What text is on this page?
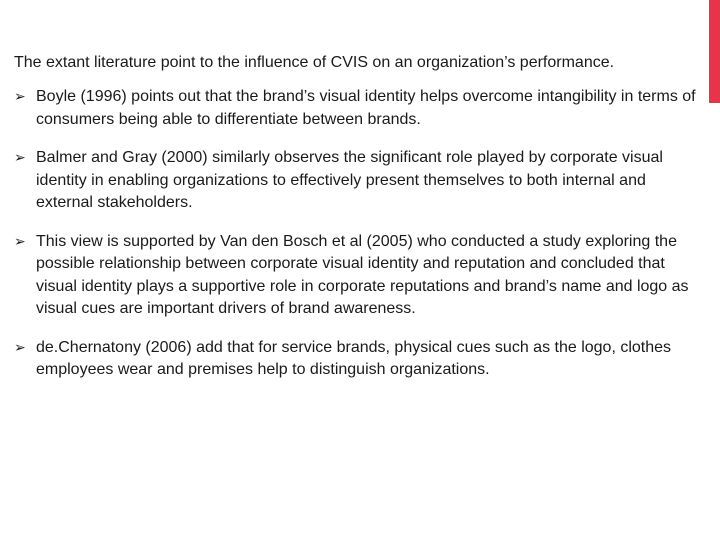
The extant literature point to the influence of CVIS on an organization’s performance.

➢ Boyle (1996) points out that the brand’s visual identity helps overcome intangibility in terms of consumers being able to differentiate between brands.
➢ Balmer and Gray (2000) similarly observes the significant role played by corporate visual identity in enabling organizations to effectively present themselves to both internal and external stakeholders.
➢ This view is supported by Van den Bosch et al (2005) who conducted a study exploring the possible relationship between corporate visual identity and reputation and concluded that visual identity plays a supportive role in corporate reputations and brand’s name and logo as visual cues are important drivers of brand awareness.
➢ de.Chernatony (2006) add that for service brands, physical cues such as the logo, clothes employees wear and premises help to distinguish organizations.
